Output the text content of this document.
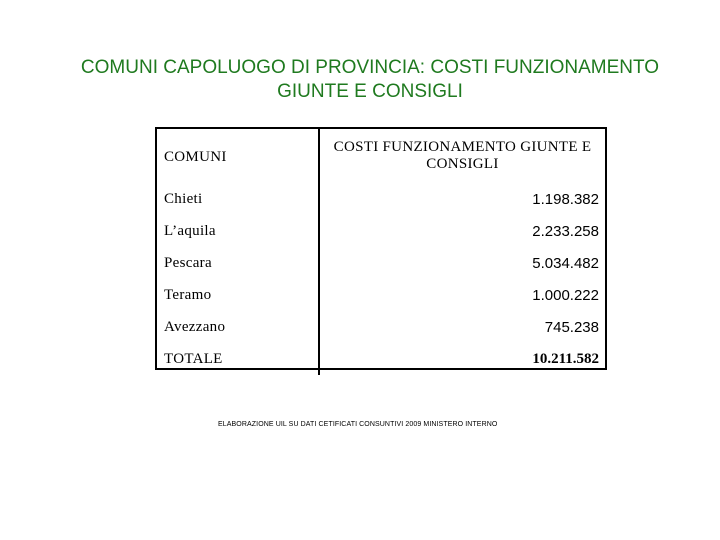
COMUNI CAPOLUOGO DI PROVINCIA: COSTI FUNZIONAMENTO
GIUNTE E CONSIGLI
COMUNI	COSTI FUNZIONAMENTO GIUNTE E CONSIGLI
Chieti	1.198.382
L’aquila	2.233.258
Pescara	5.034.482
Teramo	1.000.222
Avezzano	745.238
TOTALE	10.211.582
ELABORAZIONE UIL SU DATI CETIFICATI CONSUNTIVI 2009 MINISTERO INTERNO
